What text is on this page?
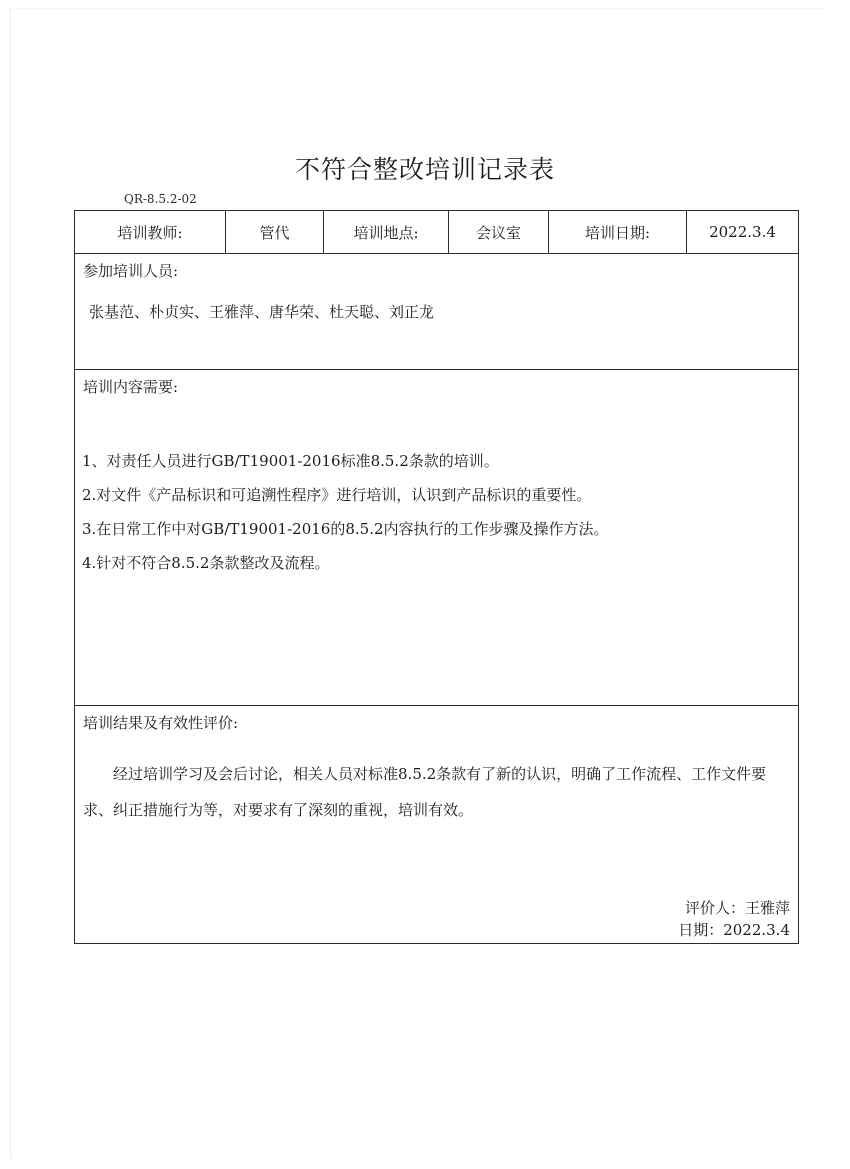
不符合整改培训记录表
QR-8.5.2-02
培训教师:	管代	培训地点:	会议室	培训日期:	2022.3.4

参加培训人员:
张基范、朴贞实、王雅萍、唐华荣、杜天聪、刘正龙

培训内容需要:
1、对责任人员进行GB/T19001-2016标准8.5.2条款的培训。
2.对文件《产品标识和可追溯性程序》进行培训，认识到产品标识的重要性。
3.在日常工作中对GB/T19001-2016的8.5.2内容执行的工作步骤及操作方法。
4.针对不符合8.5.2条款整改及流程。

培训结果及有效性评价:
经过培训学习及会后讨论，相关人员对标准8.5.2条款有了新的认识，明确了工作流程、工作文件要求、纠正措施行为等，对要求有了深刻的重视，培训有效。
评价人：王雅萍
日期：2022.3.4
